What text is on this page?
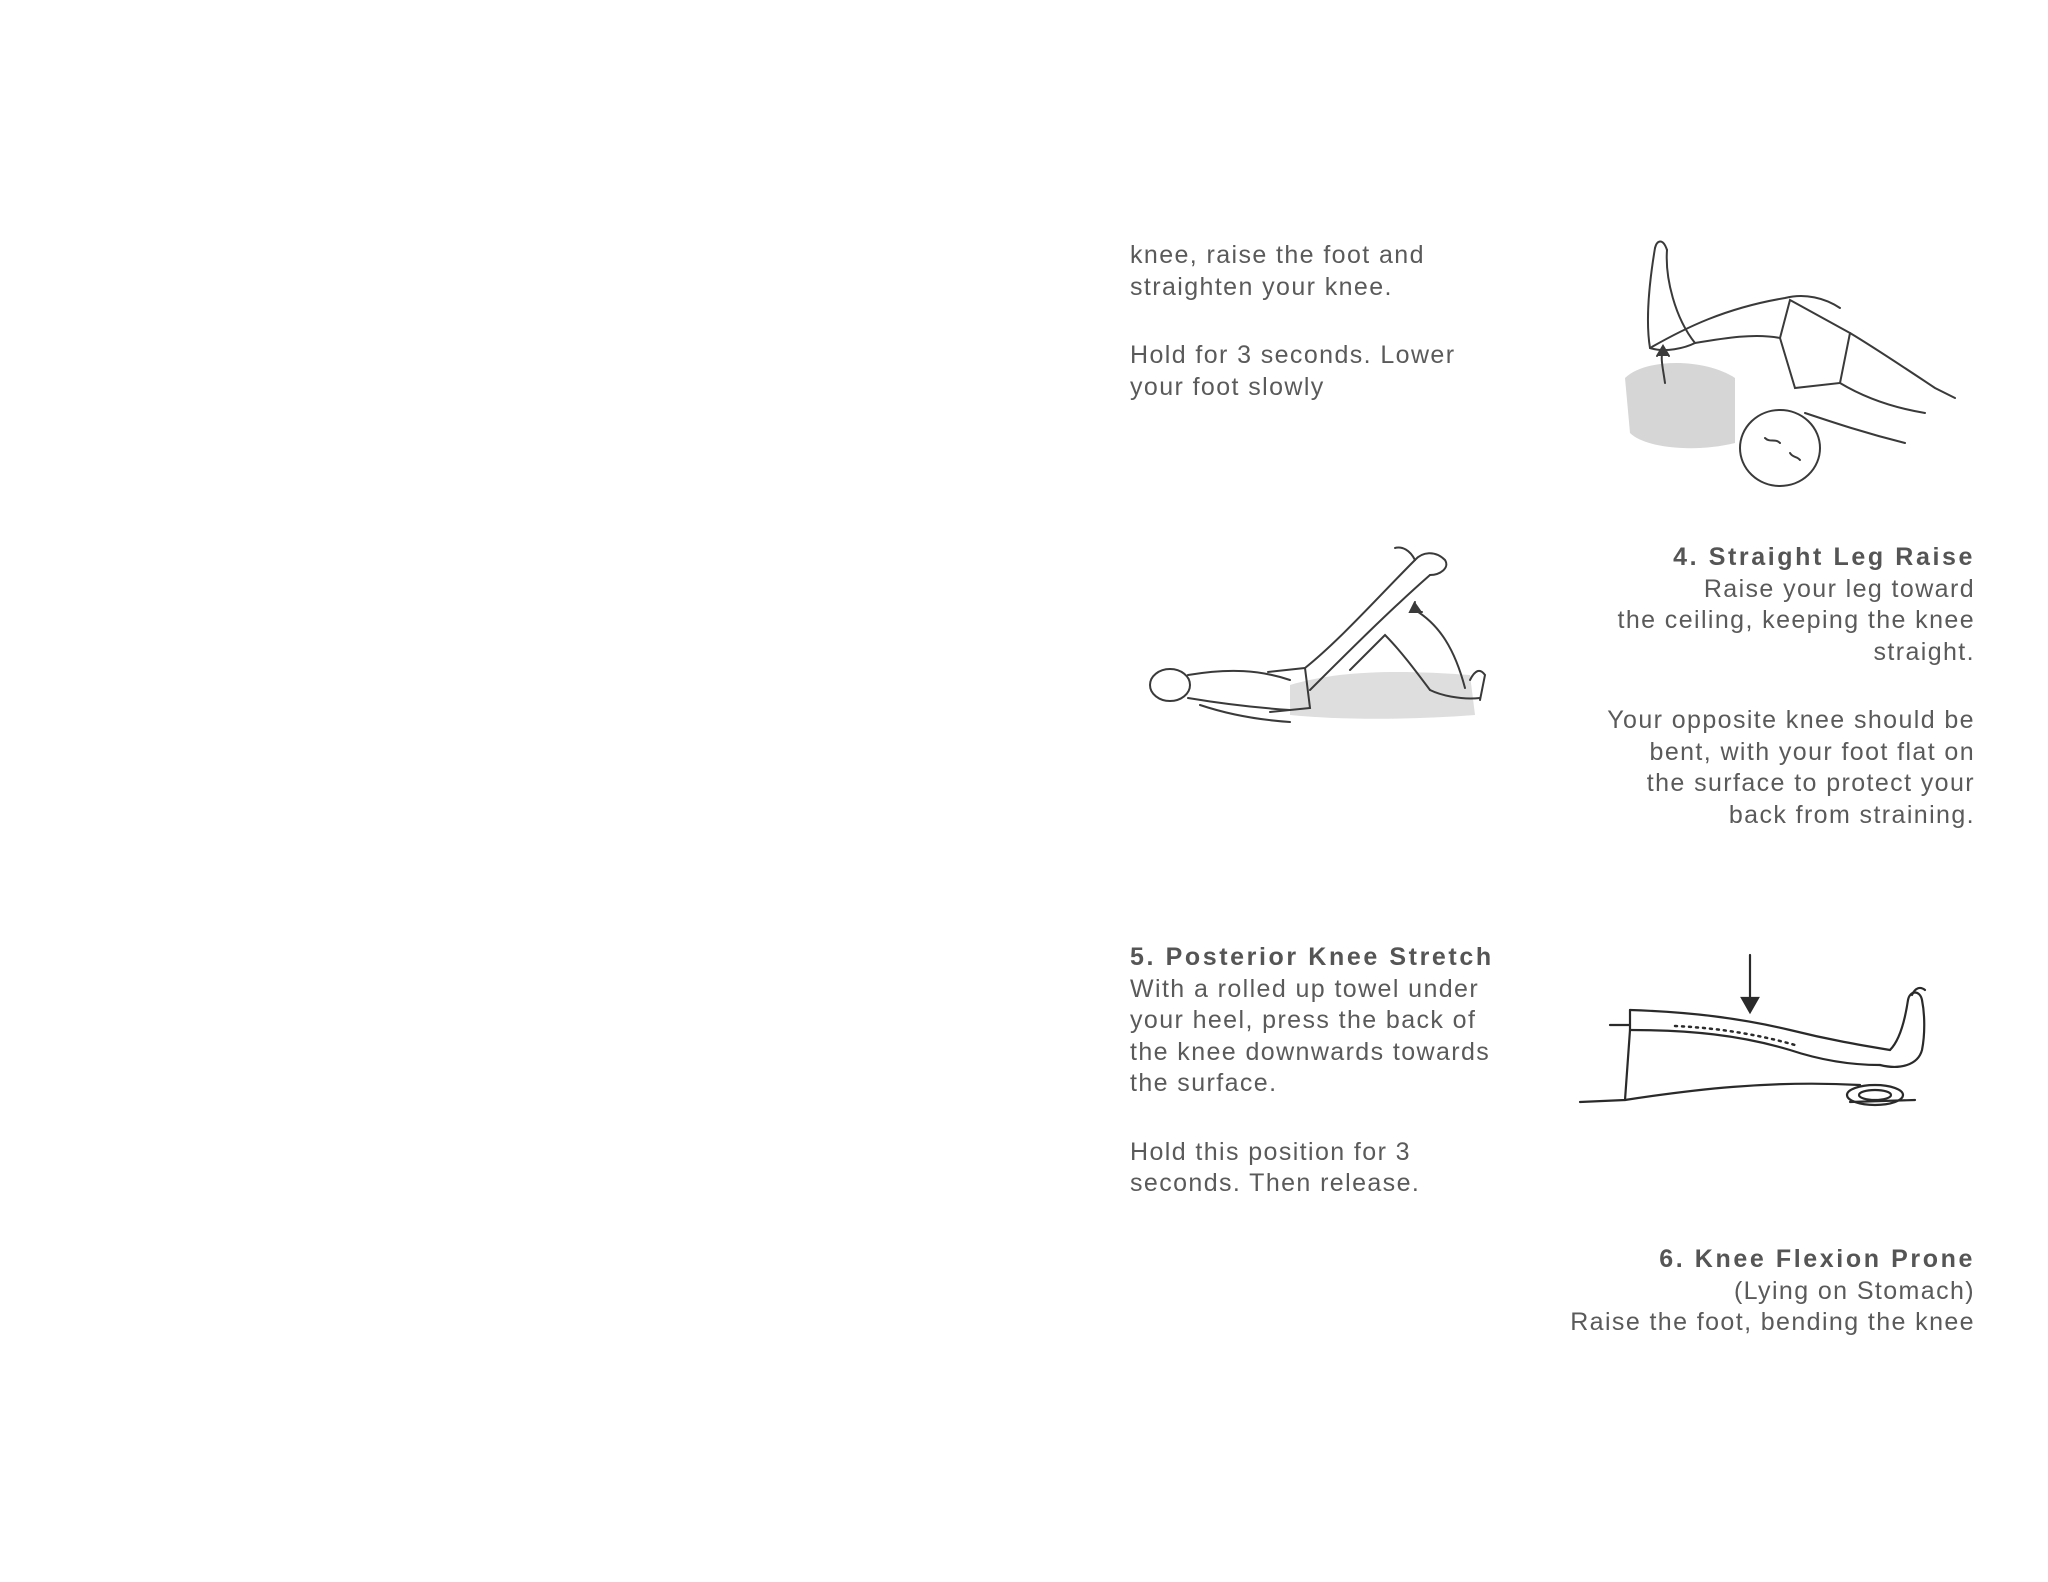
knee, raise the foot and

straighten your knee.

Hold for 3 seconds. Lower

your foot slowly

4. Straight Leg Raise

Raise your leg toward

the ceiling, keeping the knee

straight.

Your opposite knee should be

bent, with your foot flat on

the surface to protect your

back from straining.

5. Posterior Knee Stretch

With a rolled up towel under

your heel, press the back of

the knee downwards towards

the surface.

Hold this position for 3

seconds. Then release.

6. Knee Flexion Prone

(Lying on Stomach)

Raise the foot, bending the knee
